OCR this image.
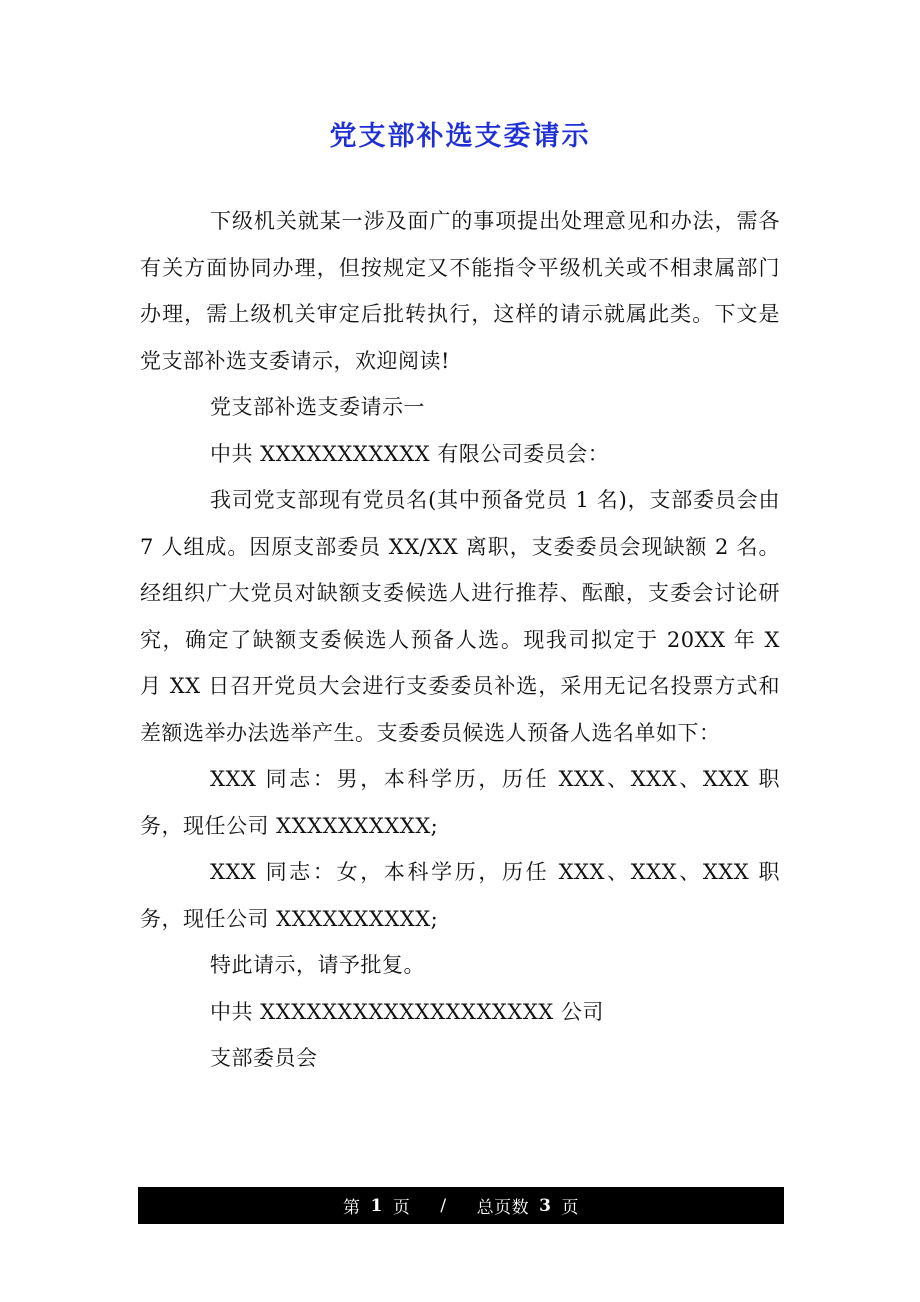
党支部补选支委请示

下级机关就某一涉及面广的事项提出处理意见和办法，需各有关方面协同办理，但按规定又不能指令平级机关或不相隶属部门办理，需上级机关审定后批转执行，这样的请示就属此类。下文是党支部补选支委请示，欢迎阅读!

党支部补选支委请示一

中共 XXXXXXXXXXX 有限公司委员会：

我司党支部现有党员名(其中预备党员 1 名)，支部委员会由 7 人组成。因原支部委员 XX/XX 离职，支委委员会现缺额 2 名。经组织广大党员对缺额支委候选人进行推荐、酝酿，支委会讨论研究，确定了缺额支委候选人预备人选。现我司拟定于 20XX 年 X 月 XX 日召开党员大会进行支委委员补选，采用无记名投票方式和差额选举办法选举产生。支委委员候选人预备人选名单如下：

XXX 同志：男，本科学历，历任 XXX、XXX、XXX 职务，现任公司 XXXXXXXXXX;

XXX 同志：女，本科学历，历任 XXX、XXX、XXX 职务，现任公司 XXXXXXXXXX;

特此请示，请予批复。

中共 XXXXXXXXXXXXXXXXXXX 公司

支部委员会

第 1 页 / 总页数 3 页
